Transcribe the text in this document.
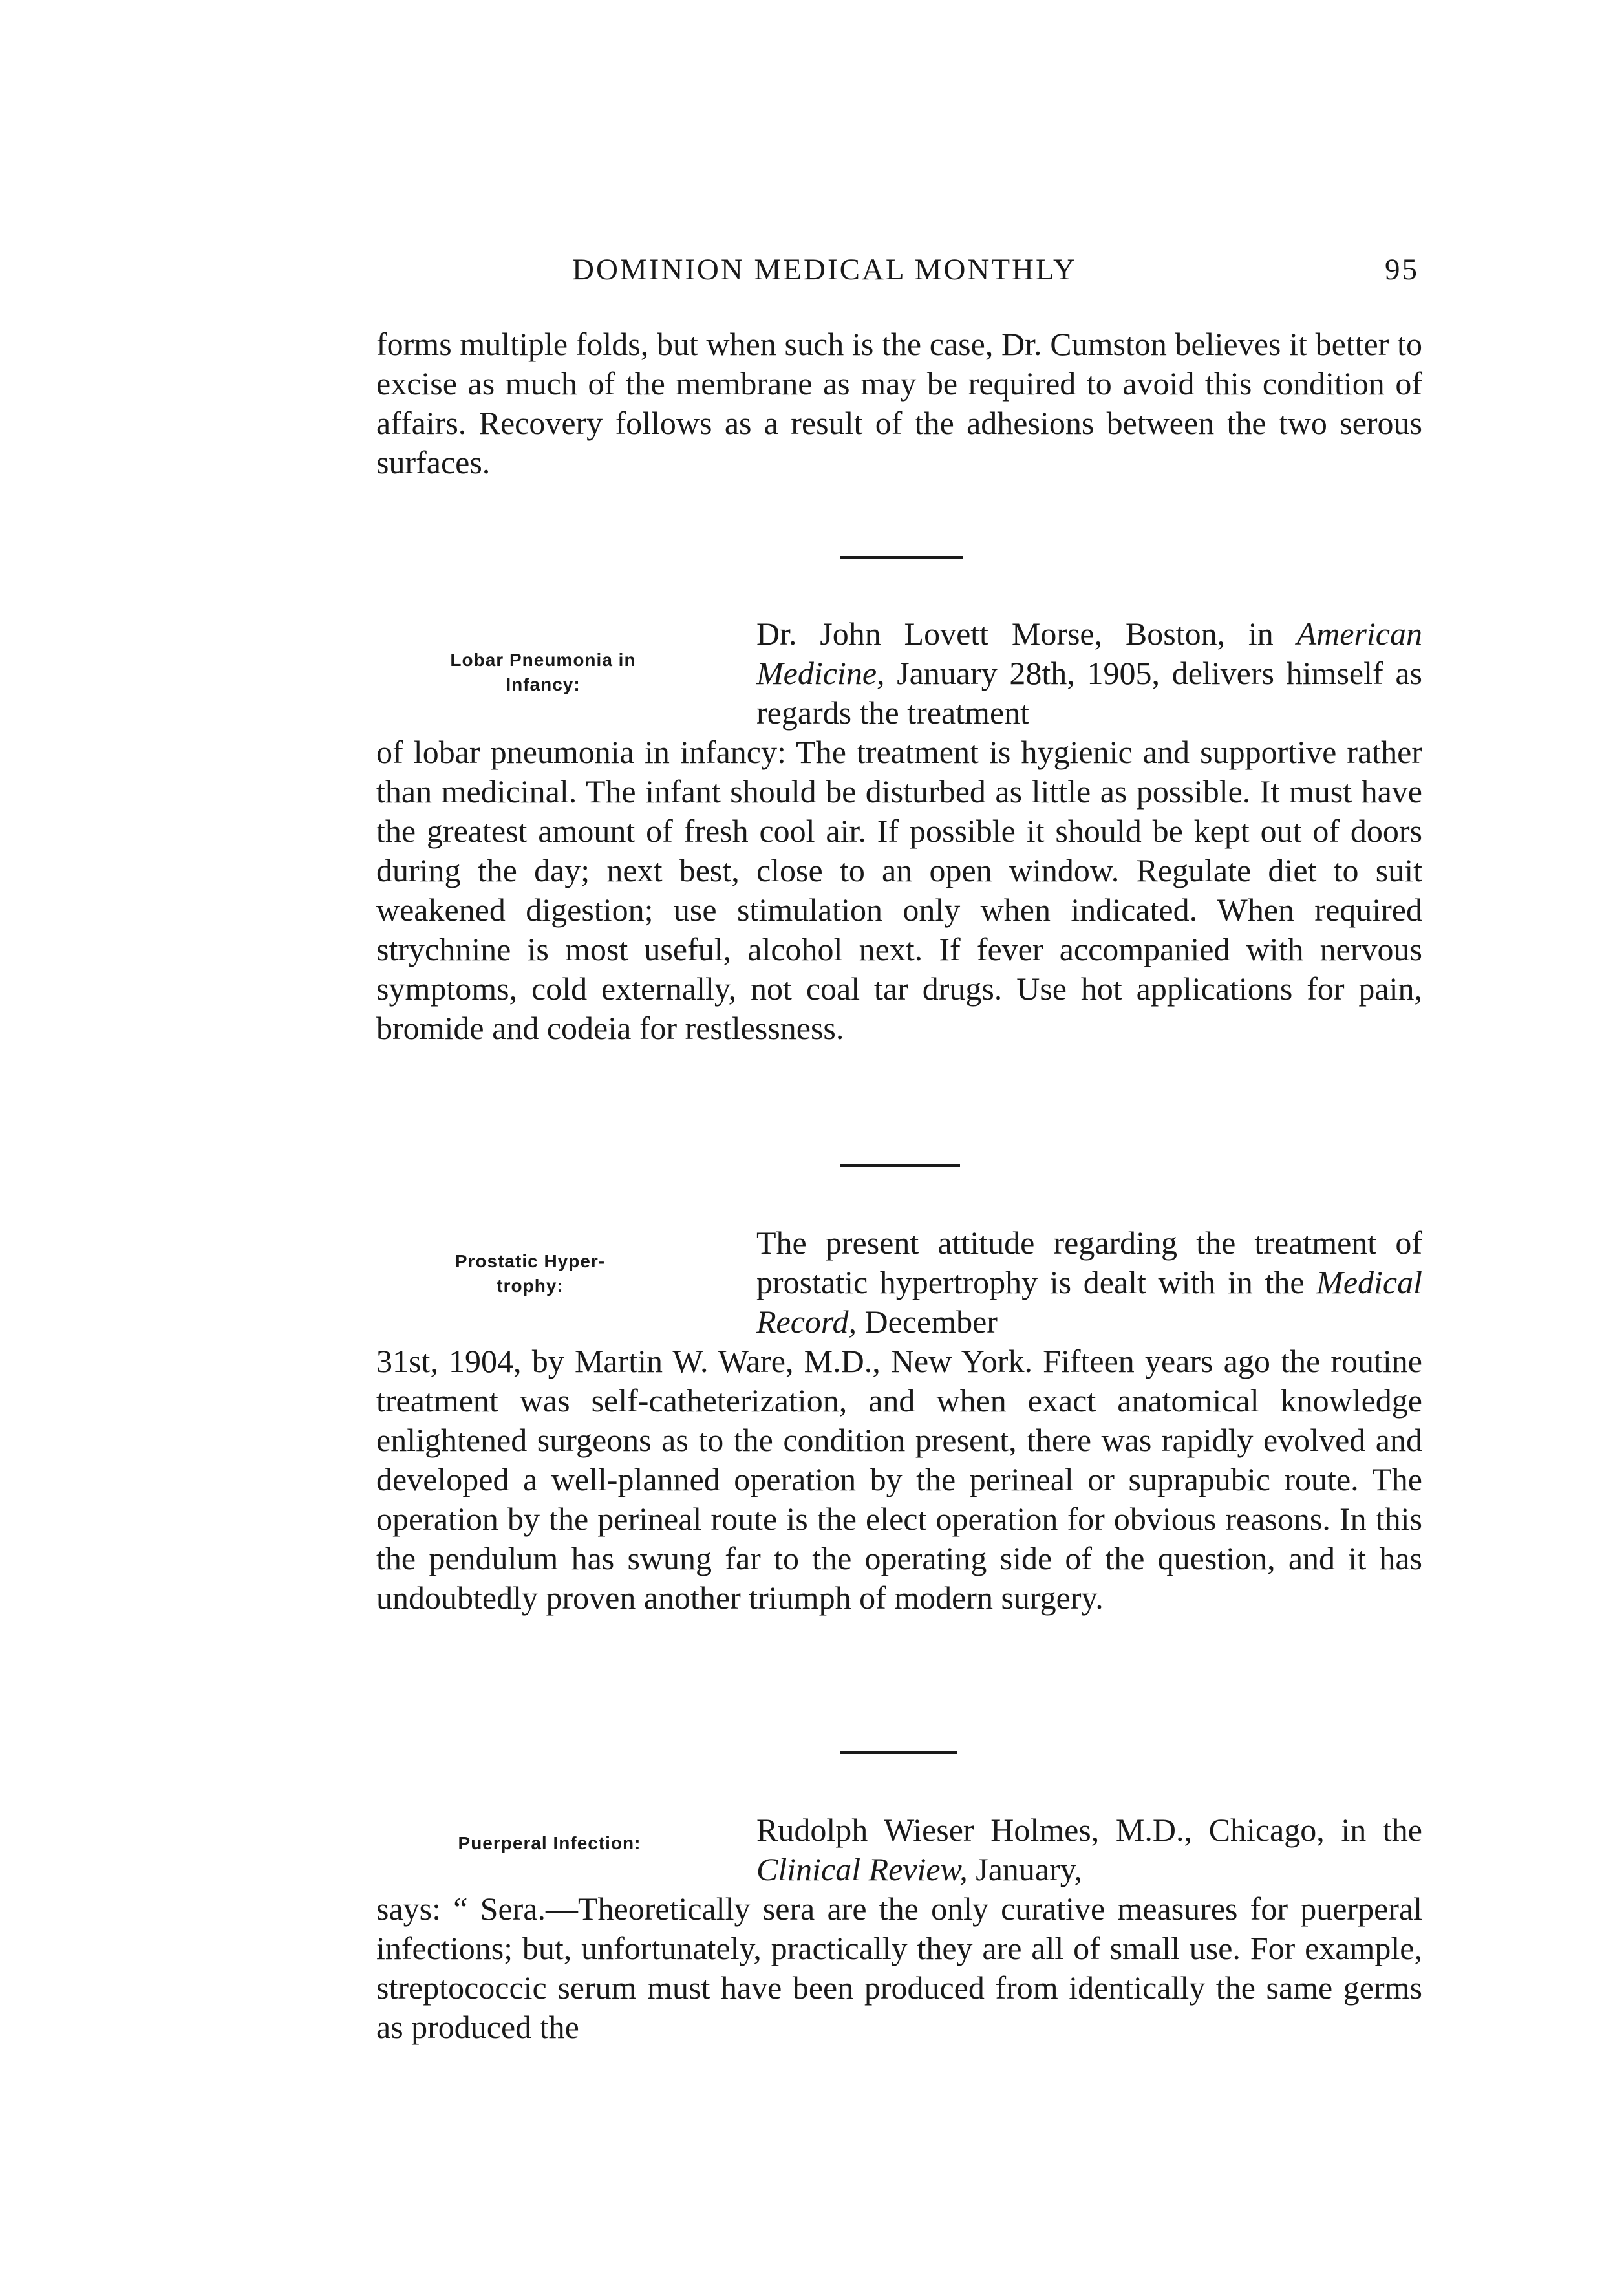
DOMINION MEDICAL MONTHLY	95

forms multiple folds, but when such is the case, Dr. Cumston believes it better to excise as much of the membrane as may be required to avoid this condition of affairs. Recovery follows as a result of the adhesions between the two serous surfaces.

Lobar Pneumonia in
Infancy:

Dr. John Lovett Morse, Boston, in American Medicine, January 28th, 1905, delivers himself as regards the treatment

of lobar pneumonia in infancy: The treatment is hygienic and supportive rather than medicinal. The infant should be disturbed as little as possible. It must have the greatest amount of fresh cool air. If possible it should be kept out of doors during the day; next best, close to an open window. Regulate diet to suit weakened digestion; use stimulation only when indicated. When required strychnine is most useful, alcohol next. If fever accompanied with nervous symptoms, cold externally, not coal tar drugs. Use hot applications for pain, bromide and codeia for restlessness.

Prostatic Hyper-
trophy:

The present attitude regarding the treatment of prostatic hypertrophy is dealt with in the Medical Record, December

31st, 1904, by Martin W. Ware, M.D., New York. Fifteen years ago the routine treatment was self-catheterization, and when exact anatomical knowledge enlightened surgeons as to the condition present, there was rapidly evolved and developed a well-planned operation by the perineal or suprapubic route. The operation by the perineal route is the elect operation for obvious reasons. In this the pendulum has swung far to the operating side of the question, and it has undoubtedly proven another triumph of modern surgery.

Puerperal Infection:	Rudolph Wieser Holmes, M.D., Chicago, in the Clinical Review, January,

says: “ Sera.—Theoretically sera are the only curative measures for puerperal infections; but, unfortunately, practically they are all of small use. For example, streptococcic serum must have been produced from identically the same germs as produced the
